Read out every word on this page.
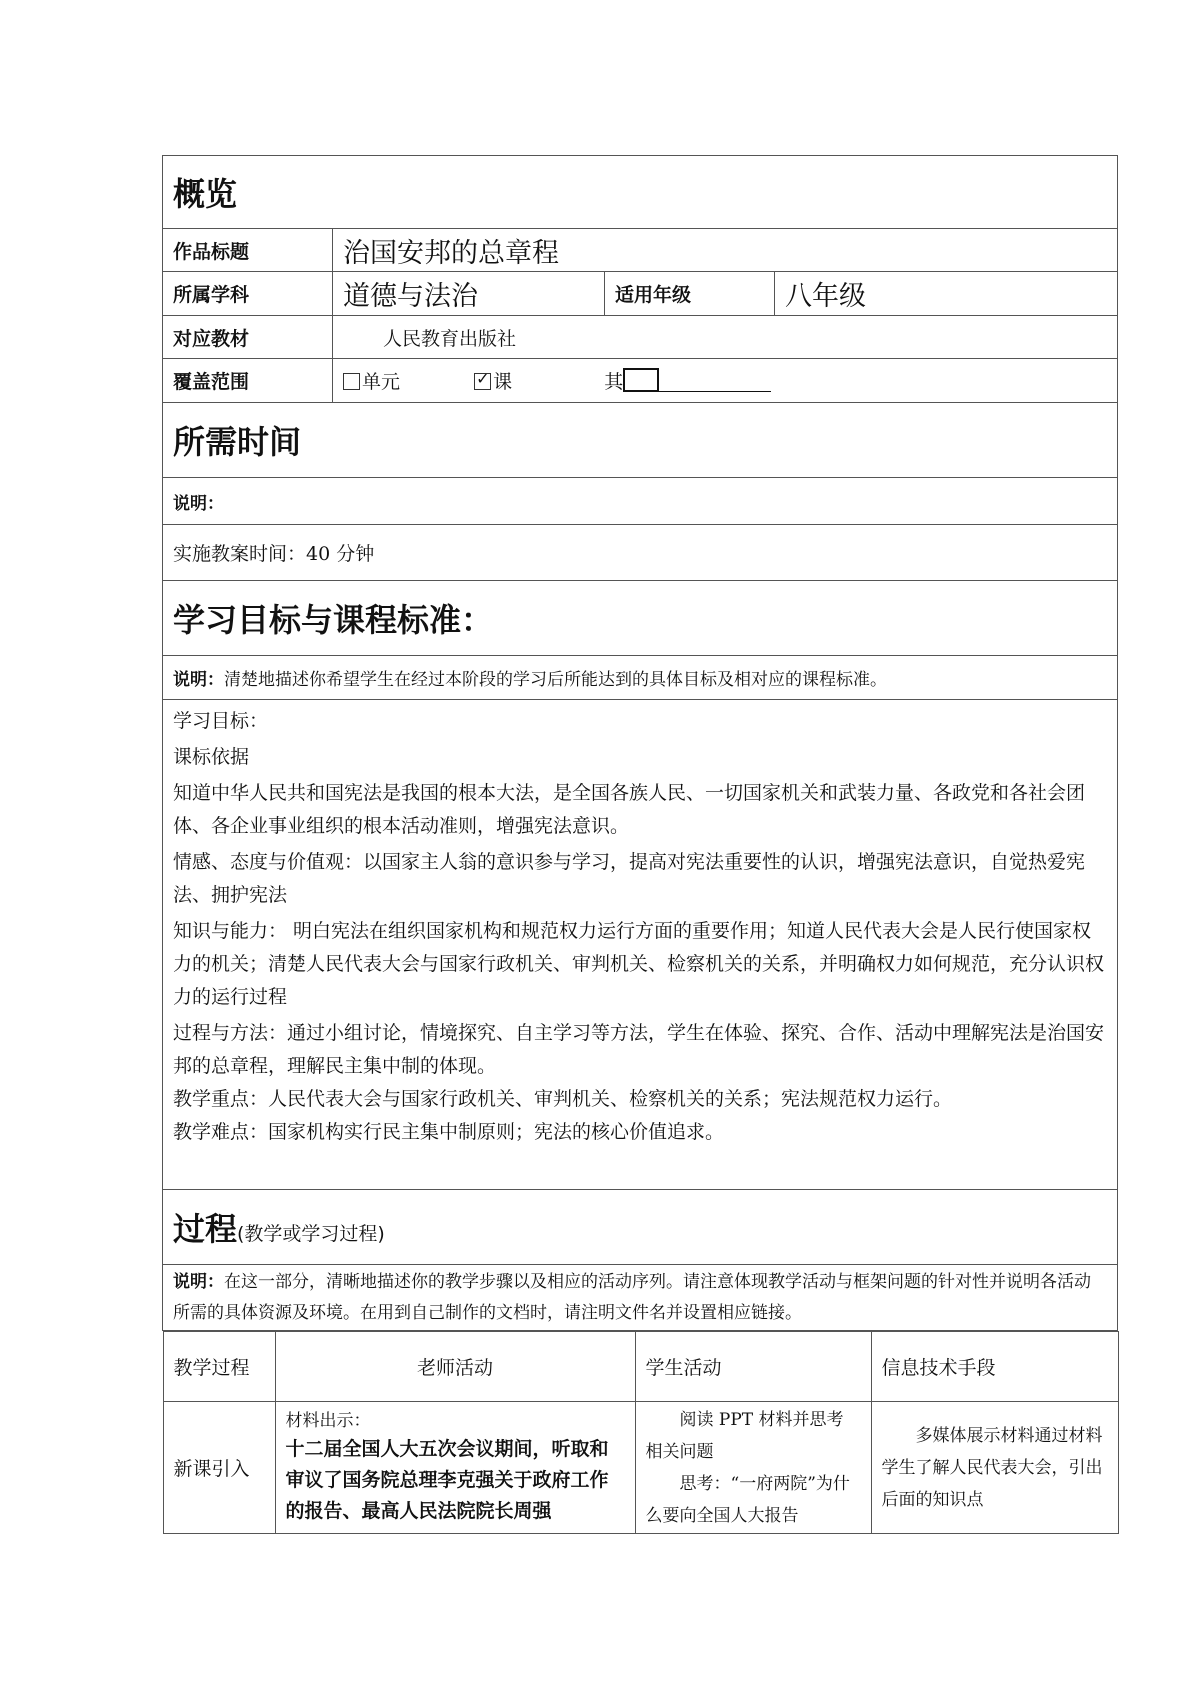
概览
作品标题	治国安邦的总章程
所属学科	道德与法治	适用年级	八年级
对应教材	人民教育出版社
覆盖范围	单元  ✓	课	其
所需时间
说明：
实施教案时间：40 分钟
学习目标与课程标准：
说明：清楚地描述你希望学生在经过本阶段的学习后所能达到的具体目标及相对应的课程标准。

学习目标：

课标依据

知道中华人民共和国宪法是我国的根本大法，是全国各族人民、一切国家机关和武装力量、各政党和各社会团体、各企业事业组织的根本活动准则，增强宪法意识。

情感、态度与价值观：以国家主人翁的意识参与学习，提高对宪法重要性的认识，增强宪法意识，自觉热爱宪法、拥护宪法

知识与能力： 明白宪法在组织国家机构和规范权力运行方面的重要作用；知道人民代表大会是人民行使国家权力的机关；清楚人民代表大会与国家行政机关、审判机关、检察机关的关系，并明确权力如何规范，充分认识权力的运行过程

过程与方法：通过小组讨论，情境探究、自主学习等方法，学生在体验、探究、合作、活动中理解宪法是治国安邦的总章程，理解民主集中制的体现。

教学重点：人民代表大会与国家行政机关、审判机关、检察机关的关系；宪法规范权力运行。

教学难点：国家机构实行民主集中制原则；宪法的核心价值追求。

过程(教学或学习过程)
说明：在这一部分，清晰地描述你的教学步骤以及相应的活动序列。请注意体现教学活动与框架问题的针对性并说明各活动所需的具体资源及环境。在用到自己制作的文档时，请注明文件名并设置相应链接。

教学过程	老师活动	学生活动	信息技术手段
新课引入	
材料出示：
十二届全国人大五次会议期间，听取和审议了国务院总理李克强关于政府工作的报告、最高人民法院院长周强

阅读 PPT 材料并思考相关问题
思考：“一府两院”为什么要向全国人大报告
	多媒体展示材料通过材料学生了解人民代表大会，引出后面的知识点
